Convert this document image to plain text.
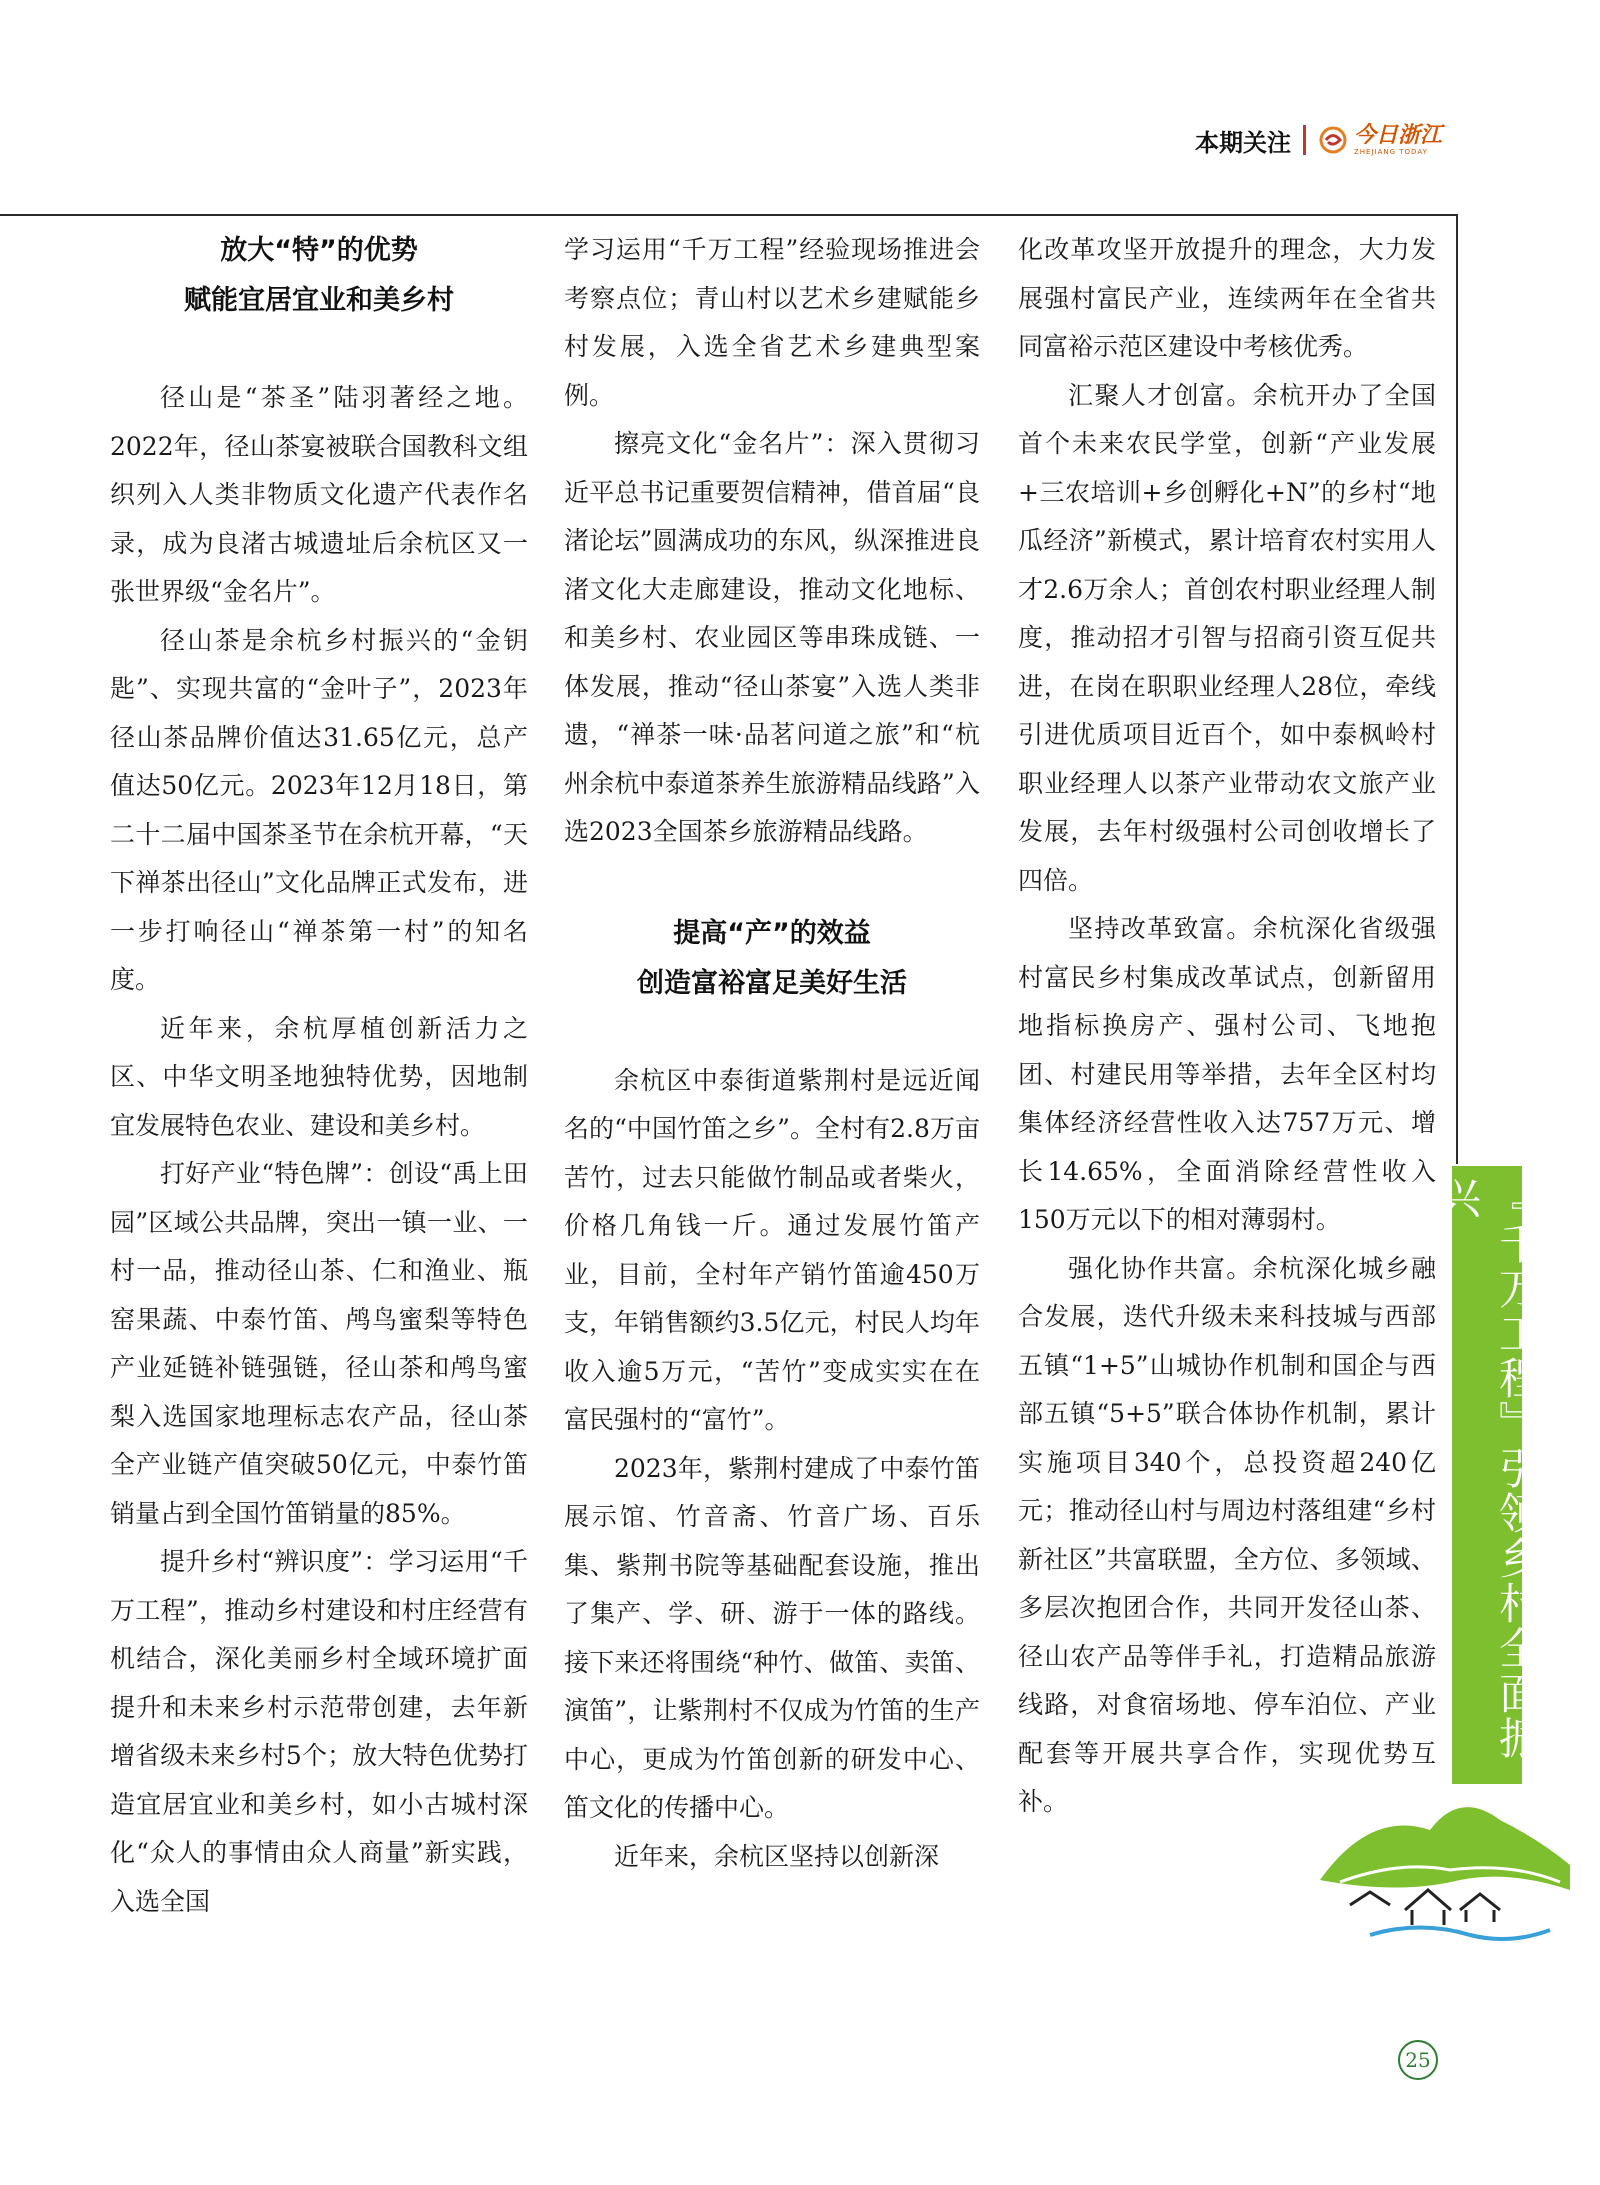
本期关注	今日浙江
ZHEJIANG TODAY
放大“特”的优势
赋能宜居宜业和美乡村

径山是“茶圣”陆羽著经之地。2022年，径山茶宴被联合国教科文组织列入人类非物质文化遗产代表作名录，成为良渚古城遗址后余杭区又一张世界级“金名片”。

径山茶是余杭乡村振兴的“金钥匙”、实现共富的“金叶子”，2023年径山茶品牌价值达31.65亿元，总产值达50亿元。2023年12月18日，第二十二届中国茶圣节在余杭开幕，“天下禅茶出径山”文化品牌正式发布，进一步打响径山“禅茶第一村”的知名度。

近年来，余杭厚植创新活力之区、中华文明圣地独特优势，因地制宜发展特色农业、建设和美乡村。

打好产业“特色牌”：创设“禹上田园”区域公共品牌，突出一镇一业、一村一品，推动径山茶、仁和渔业、瓶窑果蔬、中泰竹笛、鸬鸟蜜梨等特色产业延链补链强链，径山茶和鸬鸟蜜梨入选国家地理标志农产品，径山茶全产业链产值突破50亿元，中泰竹笛销量占到全国竹笛销量的85%。

提升乡村“辨识度”：学习运用“千万工程”，推动乡村建设和村庄经营有机结合，深化美丽乡村全域环境扩面提升和未来乡村示范带创建，去年新增省级未来乡村5个；放大特色优势打造宜居宜业和美乡村，如小古城村深化“众人的事情由众人商量”新实践，入选全国

学习运用“千万工程”经验现场推进会考察点位；青山村以艺术乡建赋能乡村发展，入选全省艺术乡建典型案例。

擦亮文化“金名片”：深入贯彻习近平总书记重要贺信精神，借首届“良渚论坛”圆满成功的东风，纵深推进良渚文化大走廊建设，推动文化地标、和美乡村、农业园区等串珠成链、一体发展，推动“径山茶宴”入选人类非遗，“禅茶一味·品茗问道之旅”和“杭州余杭中泰道茶养生旅游精品线路”入选2023全国茶乡旅游精品线路。

提高“产”的效益
创造富裕富足美好生活

余杭区中泰街道紫荆村是远近闻名的“中国竹笛之乡”。全村有2.8万亩苦竹，过去只能做竹制品或者柴火，价格几角钱一斤。通过发展竹笛产业，目前，全村年产销竹笛逾450万支，年销售额约3.5亿元，村民人均年收入逾5万元，“苦竹”变成实实在在富民强村的“富竹”。

2023年，紫荆村建成了中泰竹笛展示馆、竹音斋、竹音广场、百乐集、紫荆书院等基础配套设施，推出了集产、学、研、游于一体的路线。接下来还将围绕“种竹、做笛、卖笛、演笛”，让紫荆村不仅成为竹笛的生产中心，更成为竹笛创新的研发中心、笛文化的传播中心。

近年来，余杭区坚持以创新深

化改革攻坚开放提升的理念，大力发展强村富民产业，连续两年在全省共同富裕示范区建设中考核优秀。

汇聚人才创富。余杭开办了全国首个未来农民学堂，创新“产业发展+三农培训+乡创孵化+N”的乡村“地瓜经济”新模式，累计培育农村实用人才2.6万余人；首创农村职业经理人制度，推动招才引智与招商引资互促共进，在岗在职职业经理人28位，牵线引进优质项目近百个，如中泰枫岭村职业经理人以茶产业带动农文旅产业发展，去年村级强村公司创收增长了四倍。

坚持改革致富。余杭深化省级强村富民乡村集成改革试点，创新留用地指标换房产、强村公司、飞地抱团、村建民用等举措，去年全区村均集体经济经营性收入达757万元、增长14.65%，全面消除经营性收入150万元以下的相对薄弱村。

强化协作共富。余杭深化城乡融合发展，迭代升级未来科技城与西部五镇“1+5”山城协作机制和国企与西部五镇“5+5”联合体协作机制，累计实施项目340个，总投资超240亿元；推动径山村与周边村落组建“乡村新社区”共富联盟，全方位、多领域、多层次抱团合作，共同开发径山茶、径山农产品等伴手礼，打造精品旅游线路，对食宿场地、停车泊位、产业配套等开展共享合作，实现优势互补。

『千万工程』引领乡村全面振兴
25
